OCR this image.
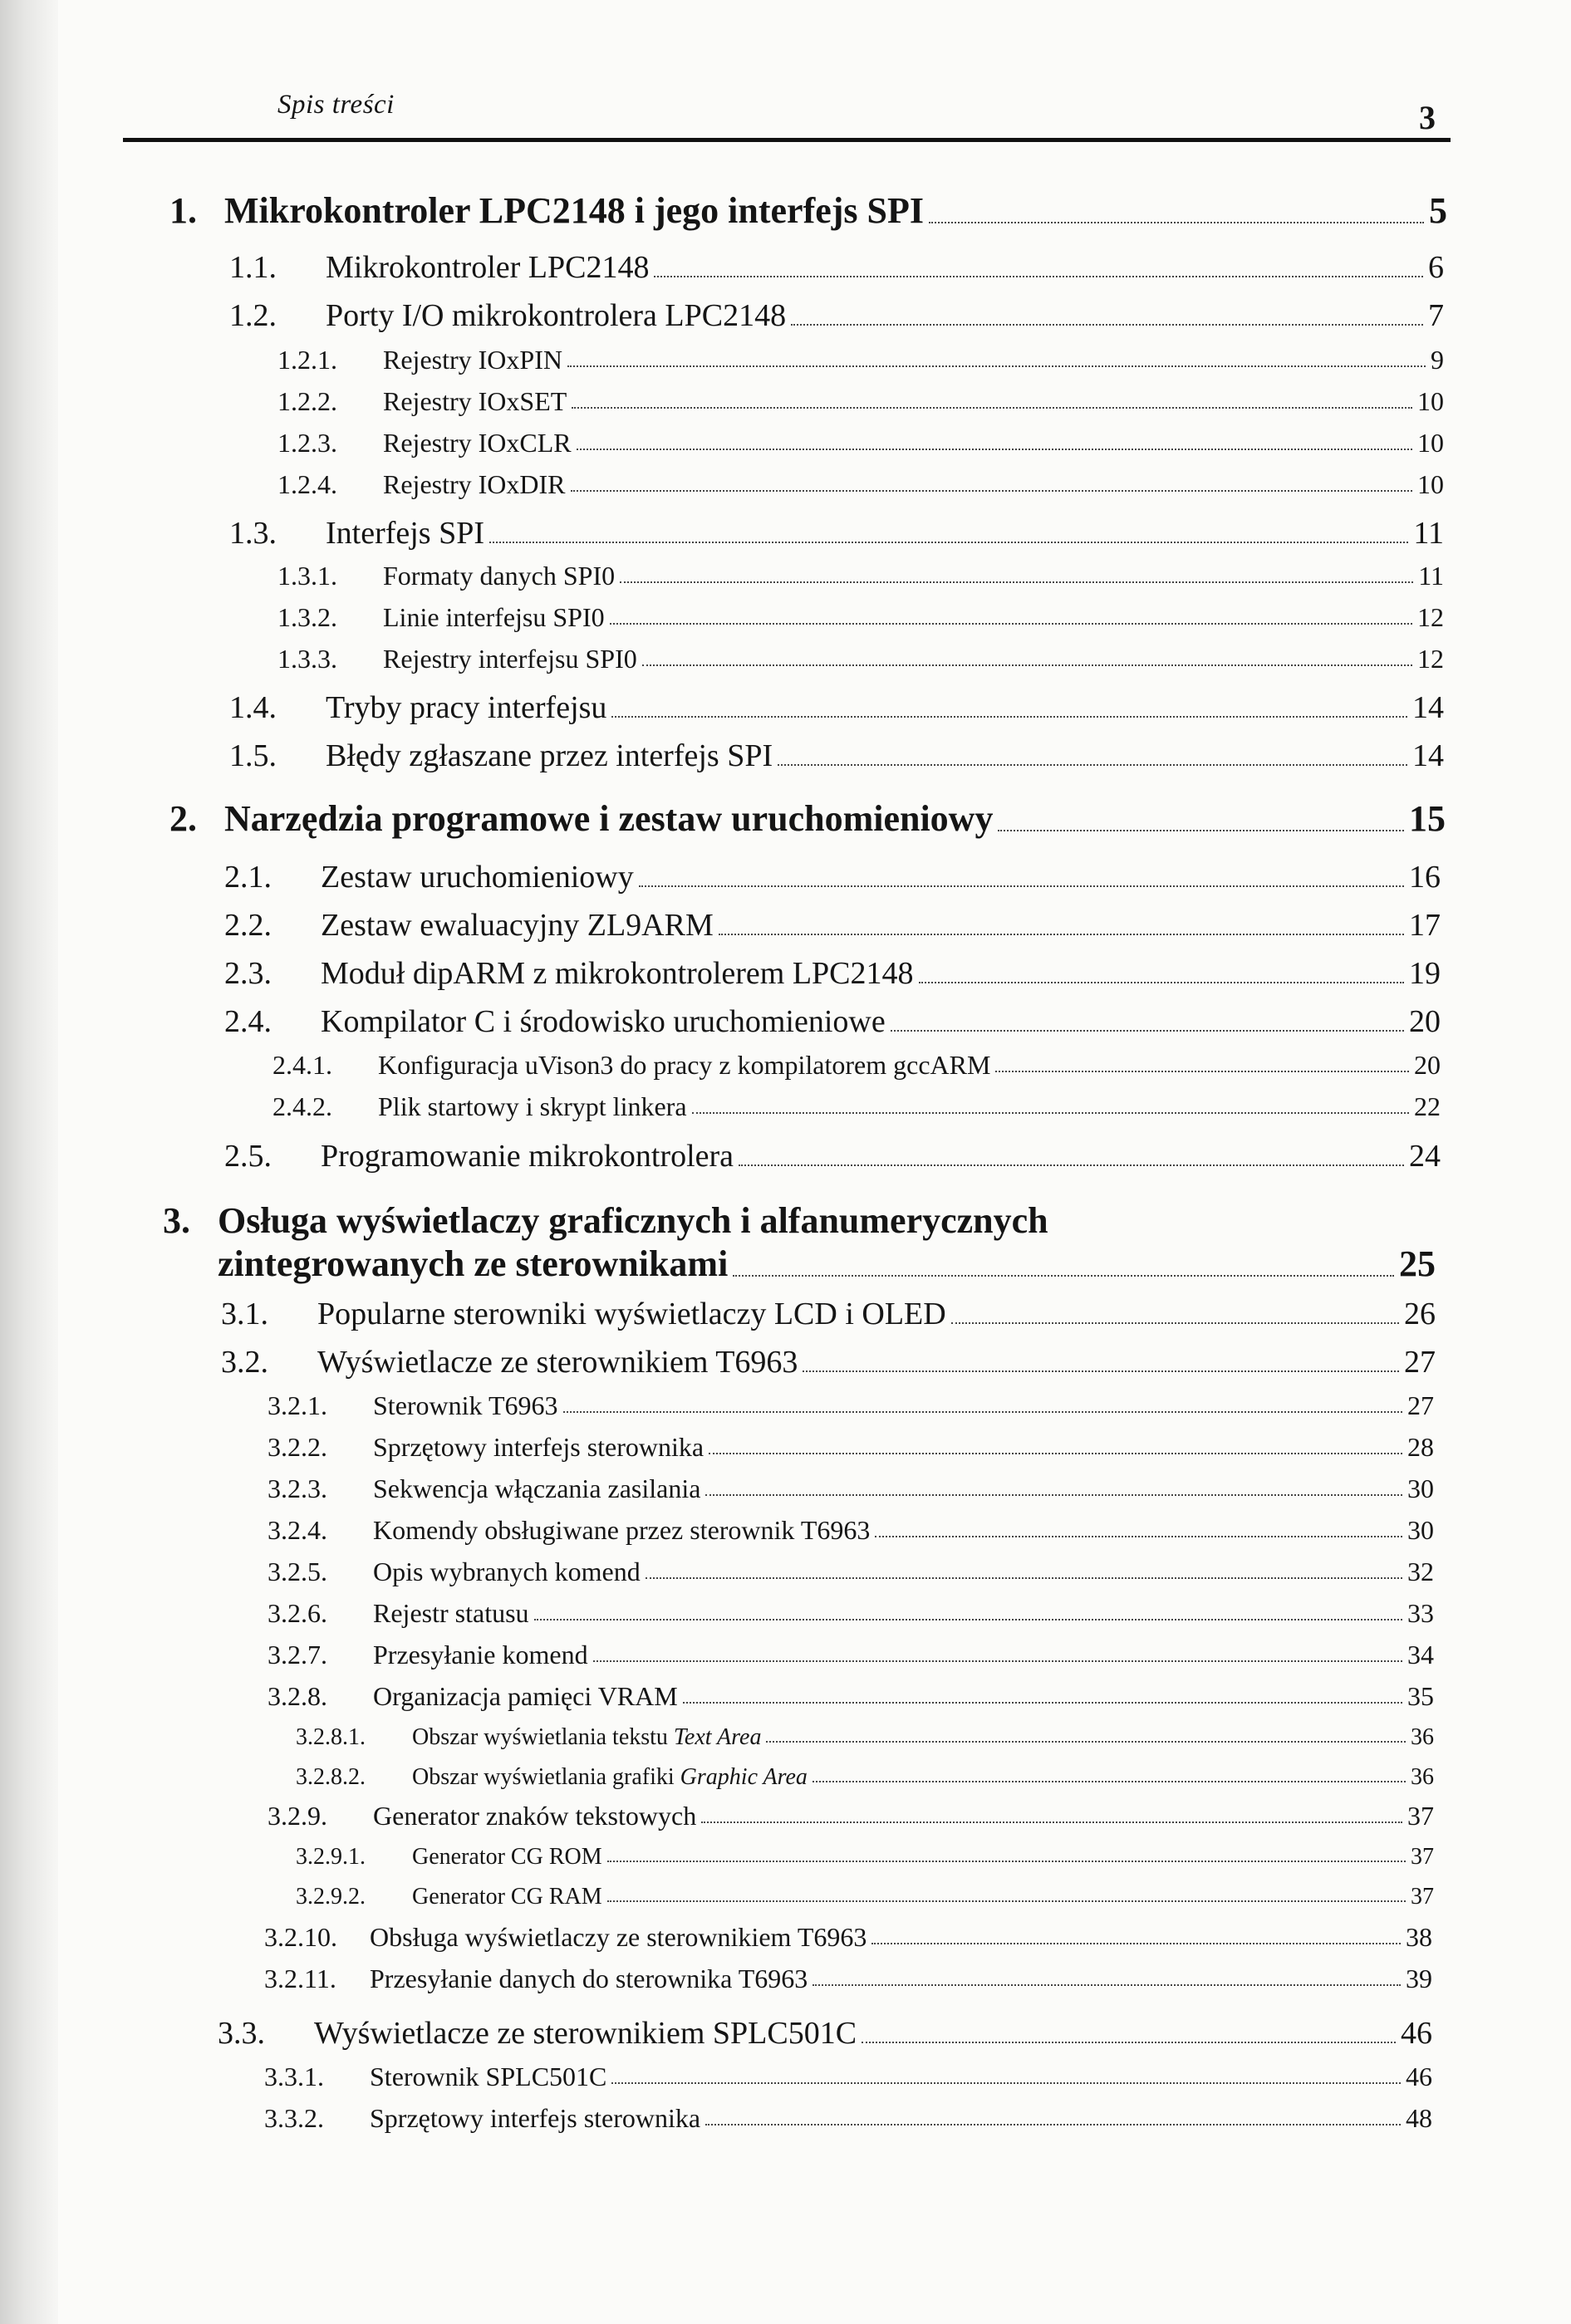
Spis treści	3
1. Mikrokontroler LPC2148 i jego interfejs SPI	5
1.1.	Mikrokontroler LPC2148	6
1.2.	Porty I/O mikrokontrolera LPC2148	7
1.2.1.	Rejestry IOxPIN	9
1.2.2.	Rejestry IOxSET	10
1.2.3.	Rejestry IOxCLR	10
1.2.4.	Rejestry IOxDIR	10
1.3.	Interfejs SPI	11
1.3.1.	Formaty danych SPI0	11
1.3.2.	Linie interfejsu SPI0	12
1.3.3.	Rejestry interfejsu SPI0	12
1.4.	Tryby pracy interfejsu	14
1.5.	Błędy zgłaszane przez interfejs SPI	14
2. Narzędzia programowe i zestaw uruchomieniowy	15
2.1.	Zestaw uruchomieniowy	16
2.2.	Zestaw ewaluacyjny ZL9ARM	17
2.3.	Moduł dipARM z mikrokontrolerem LPC2148	19
2.4.	Kompilator C i środowisko uruchomieniowe	20
2.4.1.	Konfiguracja uVison3 do pracy z kompilatorem gccARM	20
2.4.2.	Plik startowy i skrypt linkera	22
2.5.	Programowanie mikrokontrolera	24
3. Osługa wyświetlaczy graficznych i alfanumerycznych
zintegrowanych ze sterownikami	25
3.1.	Popularne sterowniki wyświetlaczy LCD i OLED	26
3.2.	Wyświetlacze ze sterownikiem T6963	27
3.2.1.	Sterownik T6963	27
3.2.2.	Sprzętowy interfejs sterownika	28
3.2.3.	Sekwencja włączania zasilania	30
3.2.4.	Komendy obsługiwane przez sterownik T6963	30
3.2.5.	Opis wybranych komend	32
3.2.6.	Rejestr statusu	33
3.2.7.	Przesyłanie komend	34
3.2.8.	Organizacja pamięci VRAM	35
3.2.8.1.	Obszar wyświetlania tekstu Text Area	36
3.2.8.2.	Obszar wyświetlania grafiki Graphic Area	36
3.2.9.	Generator znaków tekstowych	37
3.2.9.1.	Generator CG ROM	37
3.2.9.2.	Generator CG RAM	37
3.2.10.	Obsługa wyświetlaczy ze sterownikiem T6963	38
3.2.11.	Przesyłanie danych do sterownika T6963	39
3.3.	Wyświetlacze ze sterownikiem SPLC501C	46
3.3.1.	Sterownik SPLC501C	46
3.3.2.	Sprzętowy interfejs sterownika	48
